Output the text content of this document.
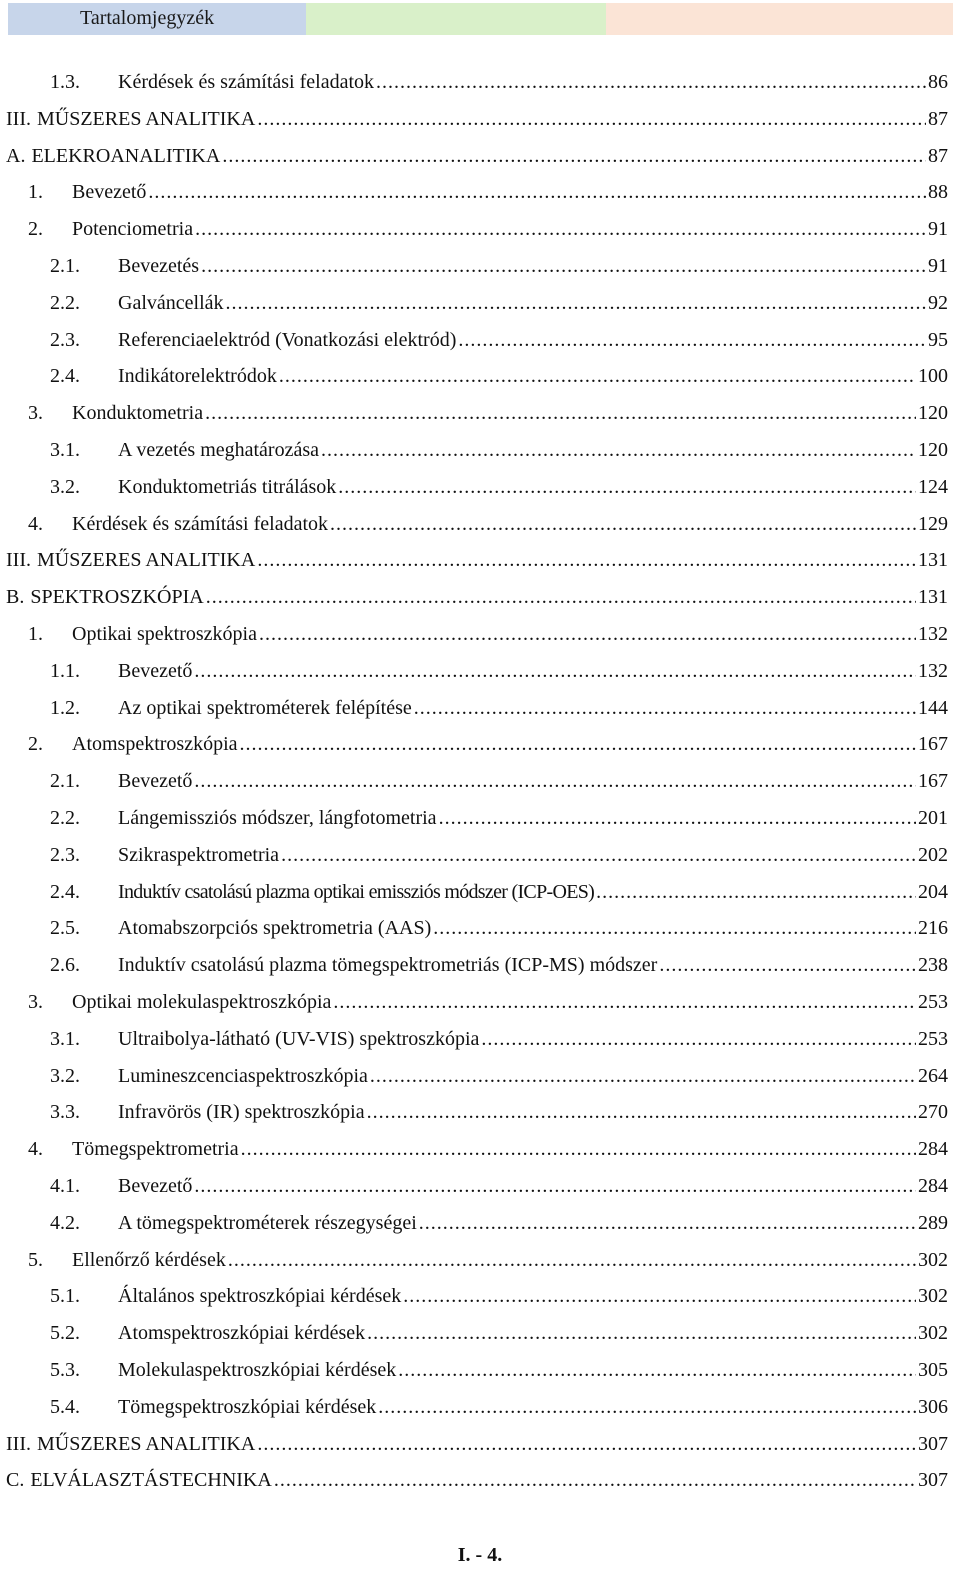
Tartalomjegyzék
1.3.	Kérdések és számítási feladatok .....	86
III. MŰSZERES ANALITIKA .....	87
A. ELEKROANALITIKA .....	87
1.	Bevezető .....	88
2.	Potenciometria .....	91
2.1.	Bevezetés .....	91
2.2.	Galváncellák .....	92
2.3.	Referenciaelektród (Vonatkozási elektród) .....	95
2.4.	Indikátorelektródok .....	100
3.	Konduktometria .....	120
3.1.	A vezetés meghatározása .....	120
3.2.	Konduktometriás titrálások .....	124
4.	Kérdések és számítási feladatok .....	129
III. MŰSZERES ANALITIKA .....	131
B. SPEKTROSZKÓPIA .....	131
1.	Optikai spektroszkópia .....	132
1.1.	Bevezető .....	132
1.2.	Az optikai spektrométerek felépítése .....	144
2.	Atomspektroszkópia .....	167
2.1.	Bevezető .....	167
2.2.	Lángemissziós módszer, lángfotometria .....	201
2.3.	Szikraspektrometria .....	202
2.4.	Induktív csatolású plazma optikai emissziós módszer (ICP-OES) .....	204
2.5.	Atomabszorpciós spektrometria (AAS) .....	216
2.6.	Induktív csatolású plazma tömegspektrometriás (ICP-MS) módszer .....	238
3.	Optikai molekulaspektroszkópia .....	253
3.1.	Ultraibolya-látható (UV-VIS) spektroszkópia .....	253
3.2.	Lumineszcenciaspektroszkópia .....	264
3.3.	Infravörös (IR) spektroszkópia .....	270
4.	Tömegspektrometria .....	284
4.1.	Bevezető .....	284
4.2.	A tömegspektrométerek részegységei .....	289
5.	Ellenőrző kérdések .....	302
5.1.	Általános spektroszkópiai kérdések .....	302
5.2.	Atomspektroszkópiai kérdések .....	302
5.3.	Molekulaspektroszkópiai kérdések .....	305
5.4.	Tömegspektroszkópiai kérdések .....	306
III. MŰSZERES ANALITIKA .....	307
C. ELVÁLASZTÁSTECHNIKA .....	307
I. - 4.
